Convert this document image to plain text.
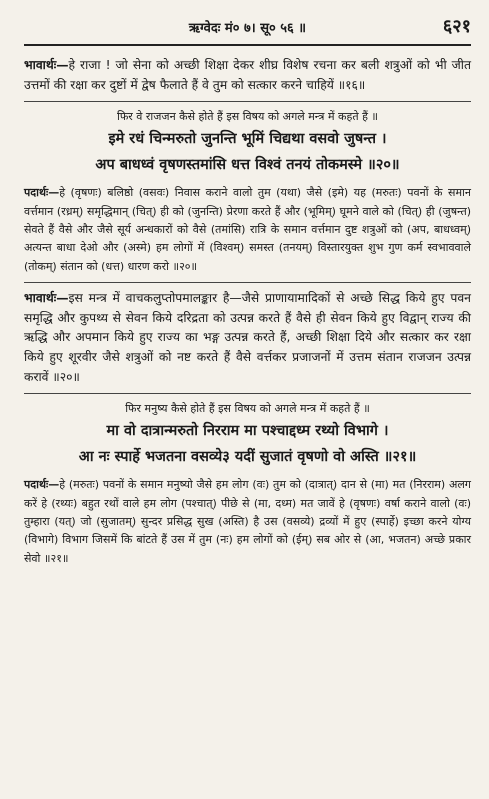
ऋग्वेदः मं० ७। सू० ५६ ॥	६२१

भावार्थः—हे राजा ! जो सेना को अच्छी शिक्षा देकर शीघ्र विशेष रचना कर बली शत्रुओं को भी जीत उत्तमों की रक्षा कर दुष्टों में द्वेष फैलाते हैं वे तुम को सत्कार करने चाहियें ॥१६॥

फिर वे राजजन कैसे होते हैं इस विषय को अगले मन्त्र में कहते हैं ॥

इमे रधं चिन्मरुतो जुनन्ति भूमिं चिद्यथा वसवो जुषन्त ।

अप बाधध्वं वृषणस्तमांसि धत्त विश्वं तनयं तोकमस्मे ॥२०॥

पदार्थः—हे (वृषणः) बलिष्ठो (वसवः) निवास कराने वालो तुम (यथा) जैसे (इमे) यह (मरुतः) पवनों के समान वर्त्तमान (रध्रम्) समृद्धिमान् (चित्) ही को (जुनन्ति) प्रेरणा करते हैं और (भूमिम्) घूमने वाले को (चित्) ही (जुषन्त) सेवते हैं वैसे और जैसे सूर्य अन्धकारों को वैसे (तमांसि) रात्रि के समान वर्त्तमान दुष्ट शत्रुओं को (अप, बाधध्वम्) अत्यन्त बाधा देओ और (अस्मे) हम लोगों में (विश्वम्) समस्त (तनयम्) विस्तारयुक्त शुभ गुण कर्म स्वभाववाले (तोकम्) संतान को (धत्त) धारण करो ॥२०॥

भावार्थः—इस मन्त्र में वाचकलुप्तोपमालङ्कार है—जैसे प्राणायामादिकों से अच्छे सिद्ध किये हुए पवन समृद्धि और कुपथ्य से सेवन किये दरिद्रता को उत्पन्न करते हैं वैसे ही सेवन किये हुए विद्वान् राज्य की ऋद्धि और अपमान किये हुए राज्य का भङ्ग उत्पन्न करते हैं, अच्छी शिक्षा दिये और सत्कार कर रक्षा किये हुए शूरवीर जैसे शत्रुओं को नष्ट करते हैं वैसे वर्त्तकर प्रजाजनों में उत्तम संतान राजजन उत्पन्न करावें ॥२०॥

फिर मनुष्य कैसे होते हैं इस विषय को अगले मन्त्र में कहते हैं ॥

मा वो दात्रान्मरुतो निरराम मा पश्चाद्दध्म रथ्यो विभागे ।

आ नः स्पार्हे भजतना वसव्ये३ यदीं सुजातं वृषणो वो अस्ति ॥२१॥

पदार्थः—हे (मरुतः) पवनों के समान मनुष्यो जैसे हम लोग (वः) तुम को (दात्रात्) दान से (मा) मत (निरराम) अलग करें हे (रथ्यः) बहुत रथों वाले हम लोग (पश्चात्) पीछे से (मा, दध्म) मत जावें हे (वृषणः) वर्षा कराने वालो (वः) तुम्हारा (यत्) जो (सुजातम्) सुन्दर प्रसिद्ध सुख (अस्ति) है उस (वसव्ये) द्रव्यों में हुए (स्पार्हे) इच्छा करने योग्य (विभागे) विभाग जिसमें कि बांटते हैं उस में तुम (नः) हम लोगों को (ईम्) सब ओर से (आ, भजतन) अच्छे प्रकार सेवो ॥२१॥
